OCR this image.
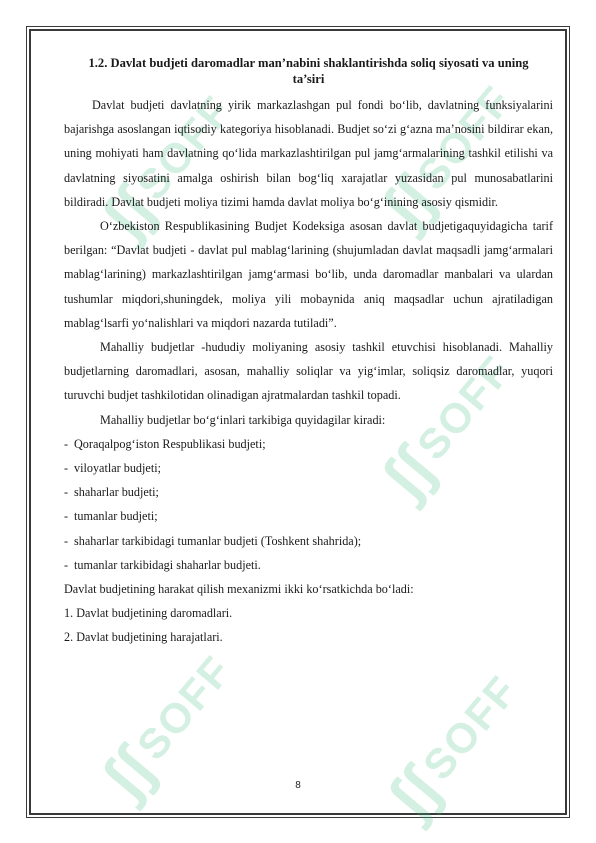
ʃʃ
SOFF ʃʃ
SOFF
ʃʃ
SOFF
ʃʃ
SOFF
ʃʃ
SOFF
1.2. Davlat budjeti daromadlar man’nabini shaklantirishda soliq siyosati va uning ta’siri

Davlat budjeti davlatning yirik markazlashgan pul fondi bo‘lib, davlatning funksiyalarini bajarishga asoslangan iqtisodiy kategoriya hisoblanadi. Budjet so‘zi g‘azna ma’nosini bildirar ekan, uning mohiyati ham davlatning qo‘lida markazlashtirilgan pul jamg‘armalarining tashkil etilishi va davlatning siyosatini amalga oshirish bilan bog‘liq xarajatlar yuzasidan pul munosabatlarini bildiradi. Davlat budjeti moliya tizimi hamda davlat moliya bo‘g‘inining asosiy qismidir.

O‘zbekiston Respublikasining Budjet Kodeksiga asosan davlat budjetigaquyidagicha tarif berilgan: “Davlat budjeti - davlat pul mablag‘larining (shujumladan davlat maqsadli jamg‘armalari mablag‘larining) markazlashtirilgan jamg‘armasi bo‘lib, unda daromadlar manbalari va ulardan tushumlar miqdori,shuningdek, moliya yili mobaynida aniq maqsadlar uchun ajratiladigan mablag‘lsarfi yo‘nalishlari va miqdori nazarda tutiladi”.

Mahalliy budjetlar -hududiy moliyaning asosiy tashkil etuvchisi hisoblanadi. Mahalliy budjetlarning daromadlari, asosan, mahalliy soliqlar va yig‘imlar, soliqsiz daromadlar, yuqori turuvchi budjet tashkilotidan olinadigan ajratmalardan tashkil topadi.

Mahalliy budjetlar bo‘g‘inlari tarkibiga quyidagilar kiradi:

- Qoraqalpog‘iston Respublikasi budjeti;

- viloyatlar budjeti;

- shaharlar budjeti;

- tumanlar budjeti;

- shaharlar tarkibidagi tumanlar budjeti (Toshkent shahrida);

- tumanlar tarkibidagi shaharlar budjeti.

Davlat budjetining harakat qilish mexanizmi ikki ko‘rsatkichda bo‘ladi:

1. Davlat budjetining daromadlari.

2. Davlat budjetining harajatlari.

8
